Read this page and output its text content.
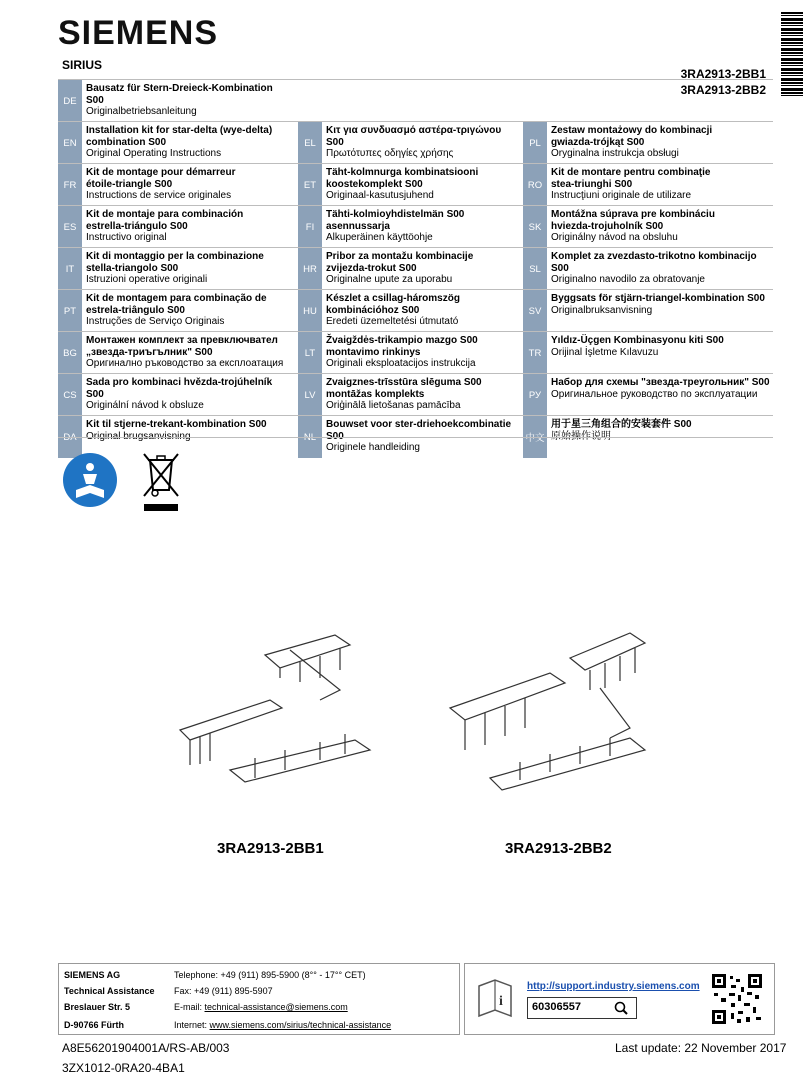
SIEMENS
SIRIUS
3RA2913-2BB1
3RA2913-2BB2
DE
Bausatz für Stern-Dreieck-Kombination S00
Originalbetriebsanleitung
EN
Installation kit for star-delta (wye-delta)
combination S00
Original Operating Instructions
EL
Κιτ για συνδυασμό αστέρα-τριγώνου S00
Πρωτότυπες οδηγίες χρήσης
PL
Zestaw montażowy do kombinacji
gwiazda-trójkąt S00
Oryginalna instrukcja obsługi
FR
Kit de montage pour démarreur
étoile-triangle S00
Instructions de service originales
ET
Täht-kolmnurga kombinatsiooni
koostekomplekt S00
Originaal-kasutusjuhend
RO
Kit de montare pentru combinaţie
stea-triunghi S00
Instrucţiuni originale de utilizare
ES
Kit de montaje para combinación
estrella-triángulo S00
Instructivo original
FI
Tähti-kolmioyhdistelmän S00
asennussarja
Alkuperäinen käyttöohje
SK
Montážna súprava pre kombináciu
hviezda-trojuholník S00
Originálny návod na obsluhu
IT
Kit di montaggio per la combinazione
stella-triangolo S00
Istruzioni operative originali
HR
Pribor za montažu kombinacije
zvijezda-trokut S00
Originalne upute za uporabu
SL
Komplet za zvezdasto-trikotno kombinacijo S00
Originalno navodilo za obratovanje
PT
Kit de montagem para combinação de
estrela-triângulo S00
Instruções de Serviço Originais
HU
Készlet a csillag-háromszög
kombinációhoz S00
Eredeti üzemeltetési útmutató
SV
Byggsats för stjärn-triangel-kombination S00
Originalbruksanvisning
BG
Монтажен комплект за превключвател
„звезда-триъгълник" S00
Оригинално ръководство за експлоатация
LT
Žvaigždės-trikampio mazgo S00
montavimo rinkinys
Originali eksploatacijos instrukcija
TR
Yıldız-Üçgen Kombinasyonu kiti S00
Orijinal İşletme Kılavuzu
CS
Sada pro kombinaci hvězda-trojúhelník S00
Originální návod k obsluze
LV
Zvaigznes-trīsstūra slēguma S00
montāžas komplekts
Oriģinālā lietošanas pamācība
РУ
Набор для схемы "звезда-треугольник" S00
Оригинальное руководство по эксплуатации
DA
Kit til stjerne-trekant-kombination S00
Original brugsanvisning	NL
Bouwset voor ster-driehoekcombinatie S00
Originele handleiding
中文
用于星三角组合的安装套件 S00
原始操作说明
3RA2913-2BB1	3RA2913-2BB2
SIEMENS AG
Technical Assistance
Breslauer Str. 5
D-90766 Fürth
Telephone: +49 (911) 895-5900 (8°° - 17°° CET)
Fax: +49 (911) 895-5907
E-mail: technical-assistance@siemens.com
Internet: www.siemens.com/sirius/technical-assistance
i
http://support.industry.siemens.com
60306557
A8E56201904001A/RS-AB/003
3ZX1012-0RA20-4BA1
Last update: 22 November 2017
